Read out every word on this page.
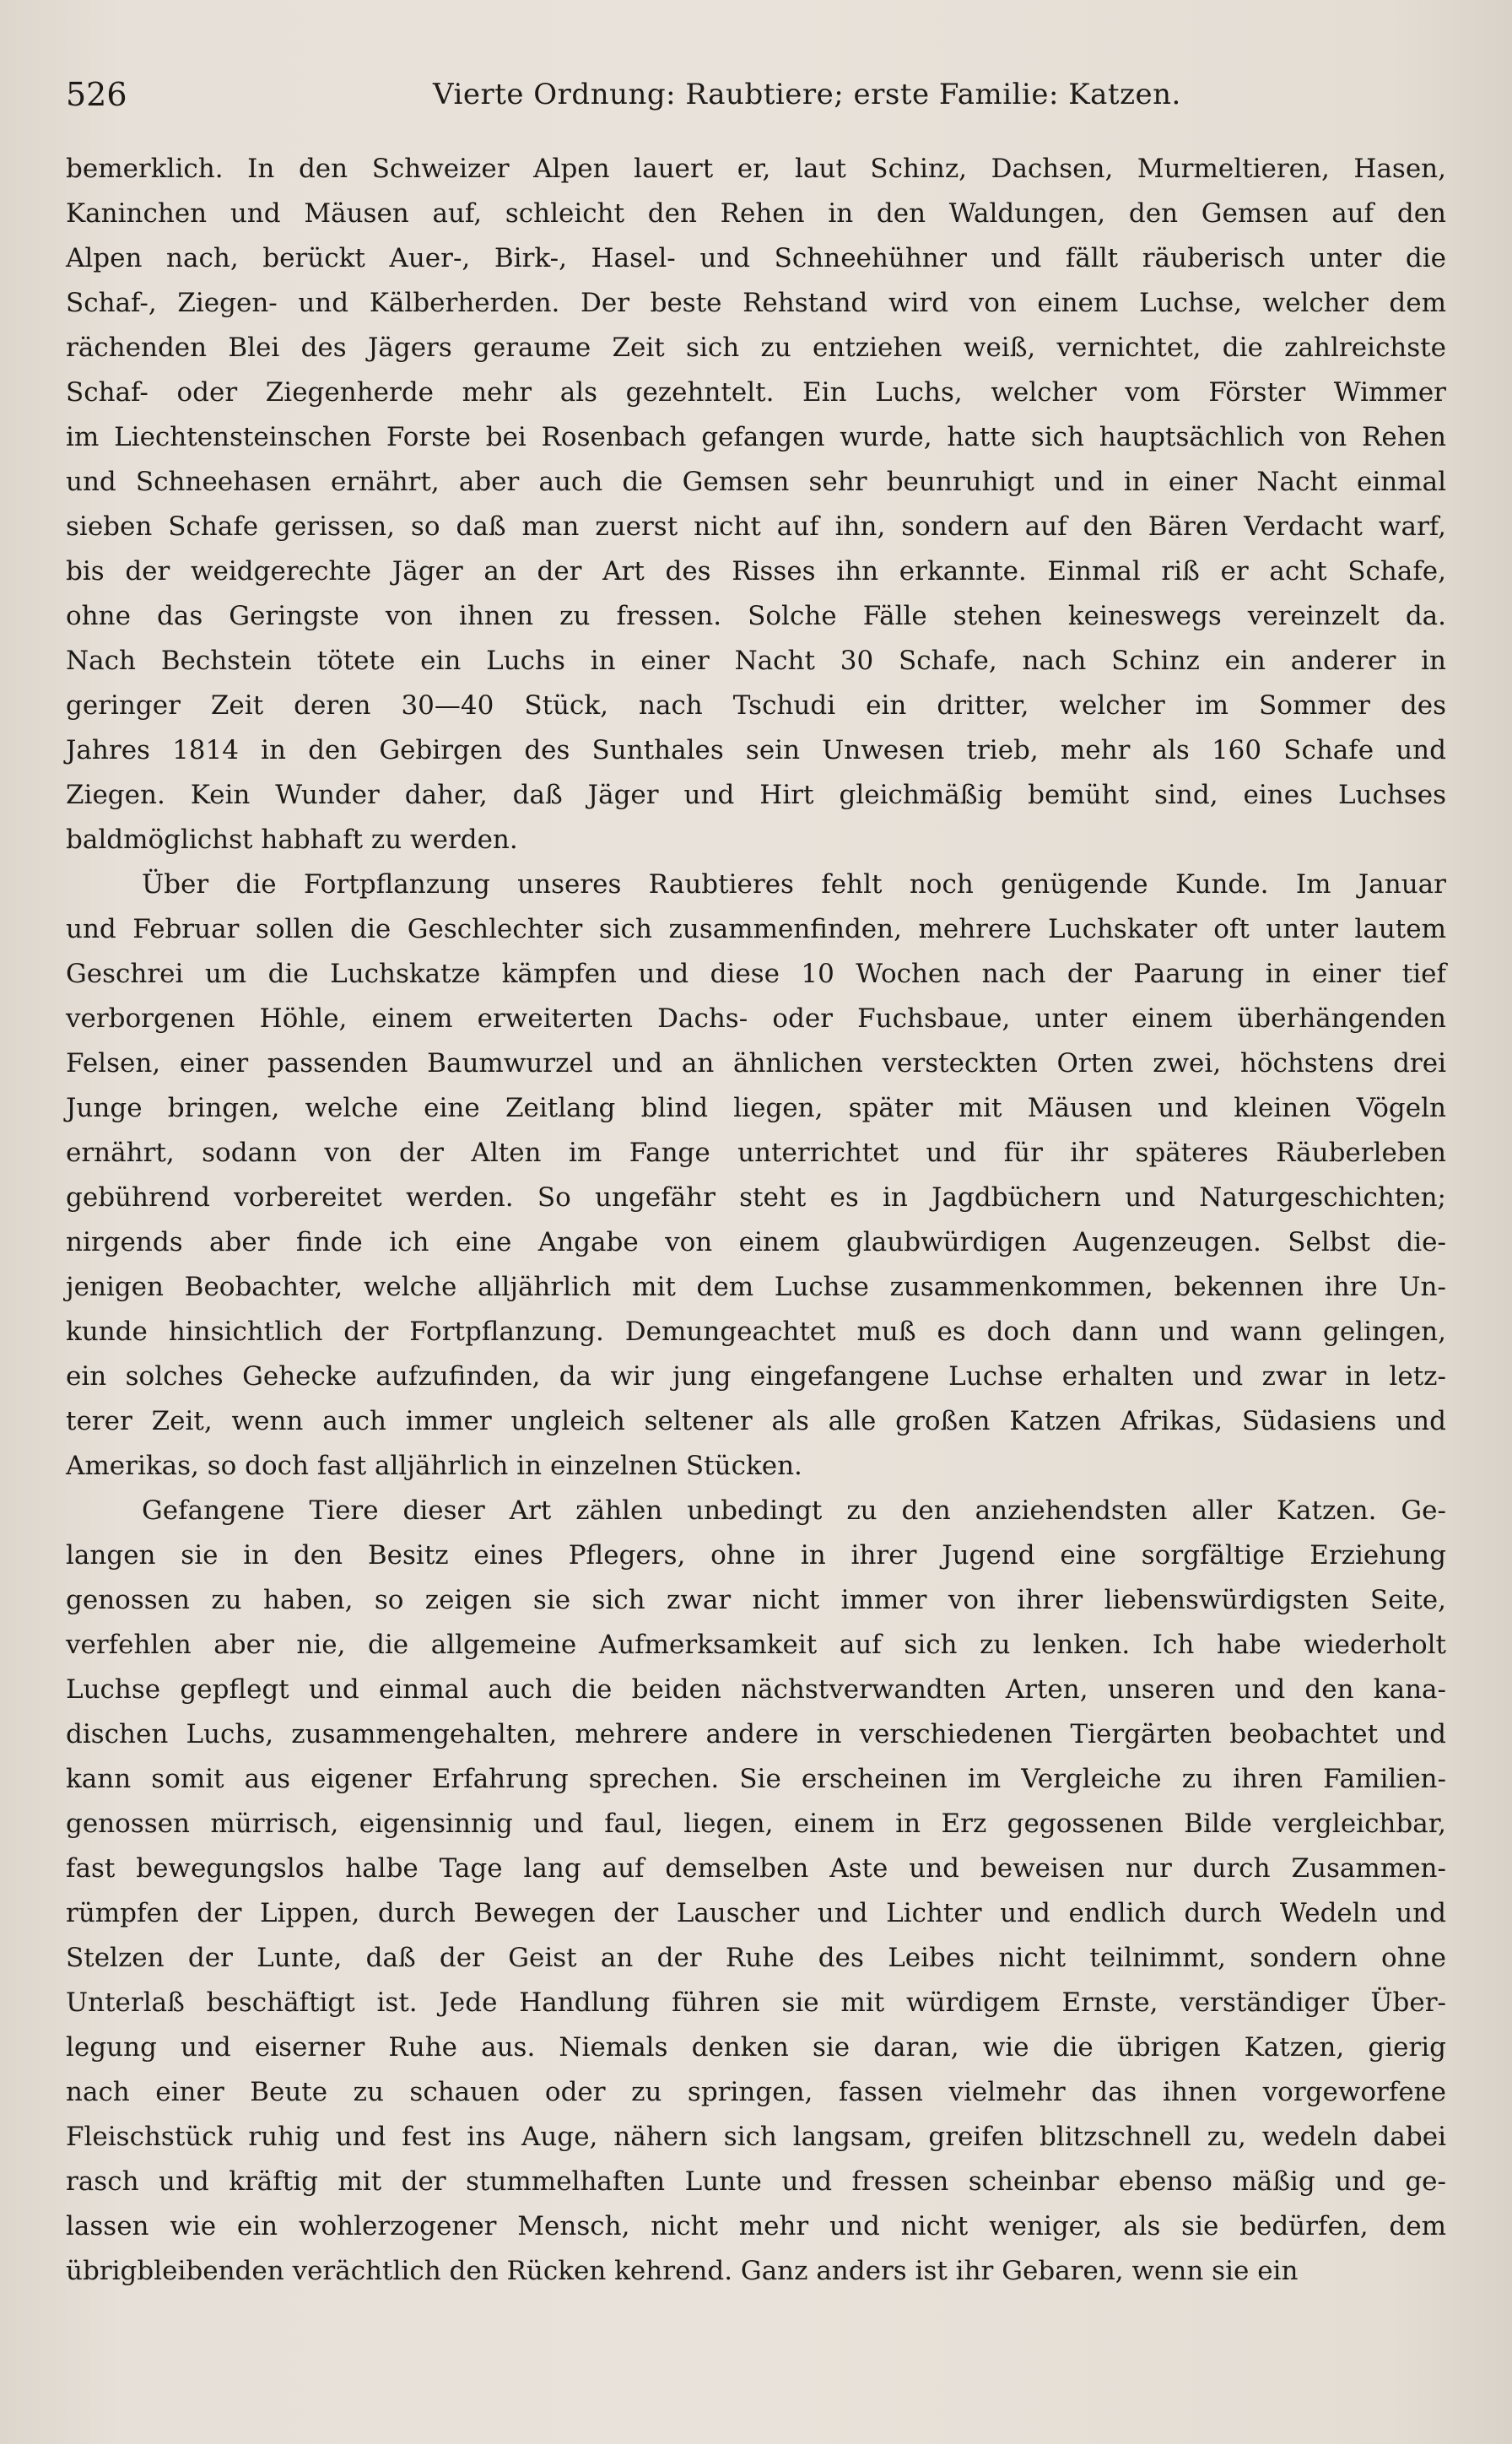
526	Vierte Ordnung: Raubtiere; erste Familie: Katzen.
bemerklich. In den Schweizer Alpen lauert er, laut Schinz, Dachsen, Murmeltieren, Hasen,
Kaninchen und Mäusen auf, schleicht den Rehen in den Waldungen, den Gemsen auf den
Alpen nach, berückt Auer-, Birk-, Hasel- und Schneehühner und fällt räuberisch unter die
Schaf-, Ziegen- und Kälberherden. Der beste Rehstand wird von einem Luchse, welcher dem
rächenden Blei des Jägers geraume Zeit sich zu entziehen weiß, vernichtet, die zahlreichste
Schaf- oder Ziegenherde mehr als gezehntelt. Ein Luchs, welcher vom Förster Wimmer
im Liechtensteinschen Forste bei Rosenbach gefangen wurde, hatte sich hauptsächlich von Rehen
und Schneehasen ernährt, aber auch die Gemsen sehr beunruhigt und in einer Nacht einmal
sieben Schafe gerissen, so daß man zuerst nicht auf ihn, sondern auf den Bären Verdacht warf,
bis der weidgerechte Jäger an der Art des Risses ihn erkannte. Einmal riß er acht Schafe,
ohne das Geringste von ihnen zu fressen. Solche Fälle stehen keineswegs vereinzelt da.
Nach Bechstein tötete ein Luchs in einer Nacht 30 Schafe, nach Schinz ein anderer in
geringer Zeit deren 30—40 Stück, nach Tschudi ein dritter, welcher im Sommer des
Jahres 1814 in den Gebirgen des Sunthales sein Unwesen trieb, mehr als 160 Schafe und
Ziegen. Kein Wunder daher, daß Jäger und Hirt gleichmäßig bemüht sind, eines Luchses
baldmöglichst habhaft zu werden.
Über die Fortpflanzung unseres Raubtieres fehlt noch genügende Kunde. Im Januar
und Februar sollen die Geschlechter sich zusammenfinden, mehrere Luchskater oft unter lautem
Geschrei um die Luchskatze kämpfen und diese 10 Wochen nach der Paarung in einer tief
verborgenen Höhle, einem erweiterten Dachs- oder Fuchsbaue, unter einem überhängenden
Felsen, einer passenden Baumwurzel und an ähnlichen versteckten Orten zwei, höchstens drei
Junge bringen, welche eine Zeitlang blind liegen, später mit Mäusen und kleinen Vögeln
ernährt, sodann von der Alten im Fange unterrichtet und für ihr späteres Räuberleben
gebührend vorbereitet werden. So ungefähr steht es in Jagdbüchern und Naturgeschichten;
nirgends aber finde ich eine Angabe von einem glaubwürdigen Augenzeugen. Selbst die-
jenigen Beobachter, welche alljährlich mit dem Luchse zusammenkommen, bekennen ihre Un-
kunde hinsichtlich der Fortpflanzung. Demungeachtet muß es doch dann und wann gelingen,
ein solches Geheckе aufzufinden, da wir jung eingefangene Luchse erhalten und zwar in letz-
terer Zeit, wenn auch immer ungleich seltener als alle großen Katzen Afrikas, Südasiens und
Amerikas, so doch fast alljährlich in einzelnen Stücken.
Gefangene Tiere dieser Art zählen unbedingt zu den anziehendsten aller Katzen. Ge-
langen sie in den Besitz eines Pflegers, ohne in ihrer Jugend eine sorgfältige Erziehung
genossen zu haben, so zeigen sie sich zwar nicht immer von ihrer liebenswürdigsten Seite,
verfehlen aber nie, die allgemeine Aufmerksamkeit auf sich zu lenken. Ich habe wiederholt
Luchse gepflegt und einmal auch die beiden nächstverwandten Arten, unseren und den kana-
dischen Luchs, zusammengehalten, mehrere andere in verschiedenen Tiergärten beobachtet und
kann somit aus eigener Erfahrung sprechen. Sie erscheinen im Vergleiche zu ihren Familien-
genossen mürrisch, eigensinnig und faul, liegen, einem in Erz gegossenen Bilde vergleichbar,
fast bewegungslos halbe Tage lang auf demselben Aste und beweisen nur durch Zusammen-
rümpfen der Lippen, durch Bewegen der Lauscher und Lichter und endlich durch Wedeln und
Stelzen der Lunte, daß der Geist an der Ruhe des Leibes nicht teilnimmt, sondern ohne
Unterlaß beschäftigt ist. Jede Handlung führen sie mit würdigem Ernste, verständiger Über-
legung und eiserner Ruhe aus. Niemals denken sie daran, wie die übrigen Katzen, gierig
nach einer Beute zu schauen oder zu springen, fassen vielmehr das ihnen vorgeworfene
Fleischstück ruhig und fest ins Auge, nähern sich langsam, greifen blitzschnell zu, wedeln dabei
rasch und kräftig mit der stummelhaften Lunte und fressen scheinbar ebenso mäßig und ge-
lassen wie ein wohlerzogener Mensch, nicht mehr und nicht weniger, als sie bedürfen, dem
übrigbleibenden verächtlich den Rücken kehrend. Ganz anders ist ihr Gebaren, wenn sie ein
